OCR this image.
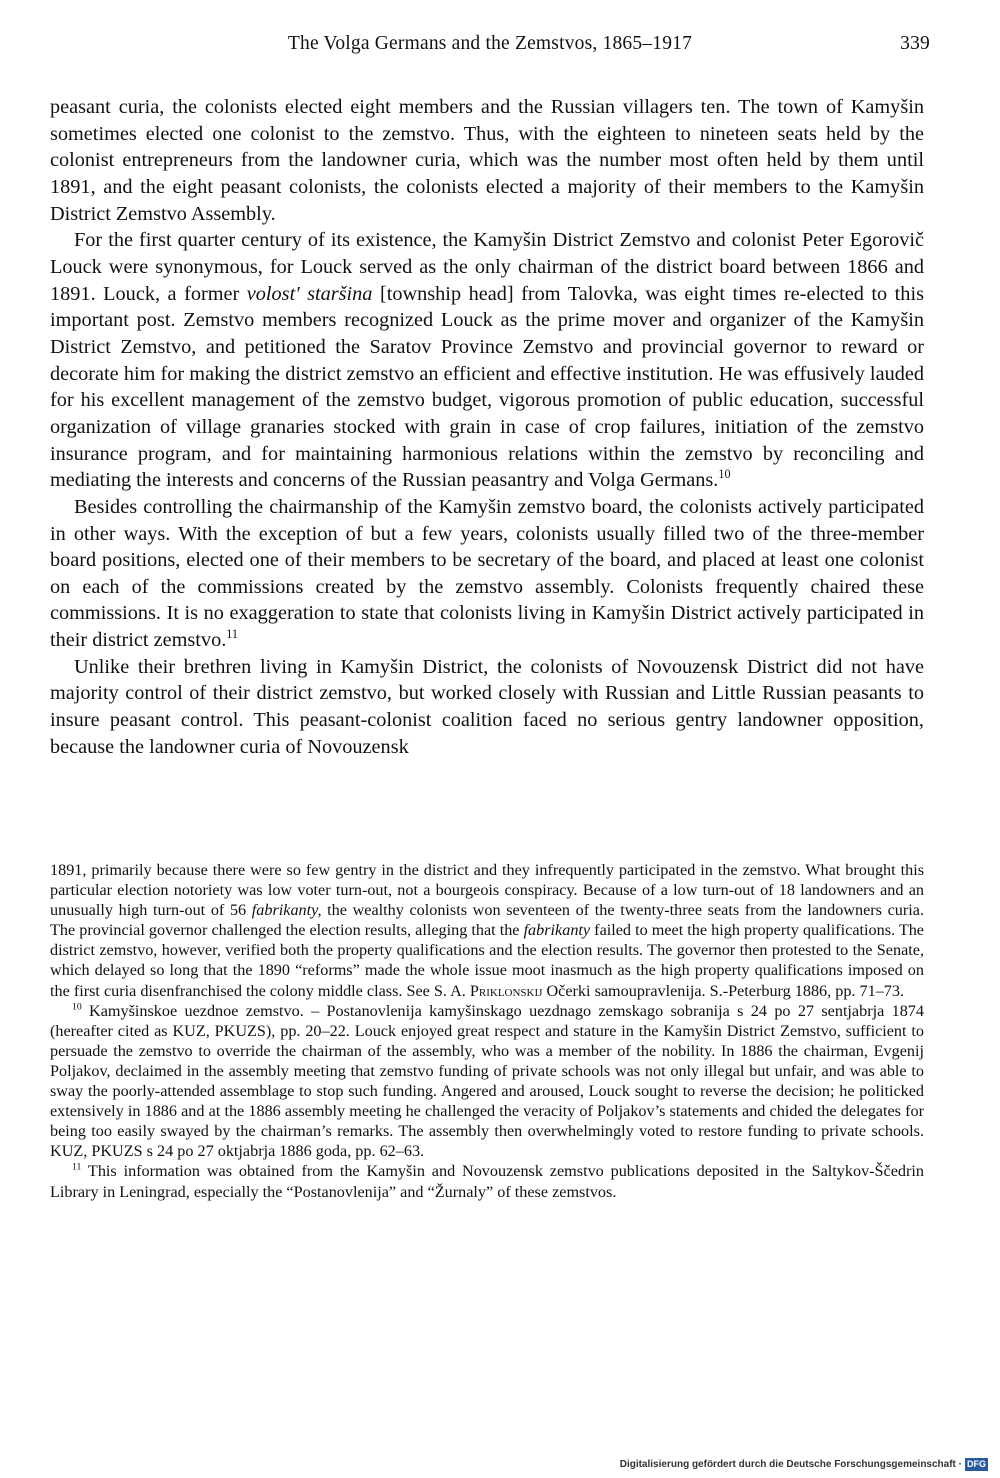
The Volga Germans and the Zemstvos, 1865–1917	339

peasant curia, the colonists elected eight members and the Russian villagers ten. The town of Kamyšin sometimes elected one colonist to the zemstvo. Thus, with the eighteen to nineteen seats held by the colonist entrepreneurs from the landowner curia, which was the number most often held by them until 1891, and the eight peasant colonists, the colonists elected a majority of their members to the Kamyšin District Zemstvo Assembly.

For the first quarter century of its existence, the Kamyšin District Zemstvo and colonist Peter Egorovič Louck were synonymous, for Louck served as the only chairman of the district board between 1866 and 1891. Louck, a former volost' staršina [township head] from Talovka, was eight times re-elected to this important post. Zemstvo members recognized Louck as the prime mover and organizer of the Kamyšin District Zemstvo, and petitioned the Saratov Province Zemstvo and provincial governor to reward or decorate him for making the district zemstvo an efficient and effective institution. He was effusively lauded for his excellent management of the zemstvo budget, vigorous promotion of public education, successful organization of village granaries stocked with grain in case of crop failures, initiation of the zemstvo insurance program, and for maintaining harmonious relations within the zemstvo by reconciling and mediating the interests and concerns of the Russian peasantry and Volga Germans.$^{10}$

Besides controlling the chairmanship of the Kamyšin zemstvo board, the colonists actively participated in other ways. With the exception of but a few years, colonists usually filled two of the three-member board positions, elected one of their members to be secretary of the board, and placed at least one colonist on each of the commissions created by the zemstvo assembly. Colonists frequently chaired these commissions. It is no exaggeration to state that colonists living in Kamyšin District actively participated in their district zemstvo.$^{11}$

Unlike their brethren living in Kamyšin District, the colonists of Novouzensk District did not have majority control of their district zemstvo, but worked closely with Russian and Little Russian peasants to insure peasant control. This peasant-colonist coalition faced no serious gentry landowner opposition, because the landowner curia of Novouzensk

1891, primarily because there were so few gentry in the district and they infrequently participated in the zemstvo. What brought this particular election notoriety was low voter turn-out, not a bourgeois conspiracy. Because of a low turn-out of 18 landowners and an unusually high turn-out of 56 fabrikanty, the wealthy colonists won seventeen of the twenty-three seats from the landowners curia. The provincial governor challenged the election results, alleging that the fabrikanty failed to meet the high property qualifications. The district zemstvo, however, verified both the property qualifications and the election results. The governor then protested to the Senate, which delayed so long that the 1890 “reforms” made the whole issue moot inasmuch as the high property qualifications imposed on the first curia disenfranchised the colony middle class. See S. A. Priklonskij Očerki samoupravlenija. S.-Peterburg 1886, pp. 71–73.

$^{10}$ Kamyšinskoe uezdnoe zemstvo. – Postanovlenija kamyšinskago uezdnago zemskago sobranija s 24 po 27 sentjabrja 1874 (hereafter cited as KUZ, PKUZS), pp. 20–22. Louck enjoyed great respect and stature in the Kamyšin District Zemstvo, sufficient to persuade the zemstvo to override the chairman of the assembly, who was a member of the nobility. In 1886 the chairman, Evgenij Poljakov, declaimed in the assembly meeting that zemstvo funding of private schools was not only illegal but unfair, and was able to sway the poorly-attended assemblage to stop such funding. Angered and aroused, Louck sought to reverse the decision; he politicked extensively in 1886 and at the 1886 assembly meeting he challenged the veracity of Poljakov’s statements and chided the delegates for being too easily swayed by the chairman’s remarks. The assembly then overwhelmingly voted to restore funding to private schools. KUZ, PKUZS s 24 po 27 oktjabrja 1886 goda, pp. 62–63.

$^{11}$ This information was obtained from the Kamyšin and Novouzensk zemstvo publications deposited in the Saltykov-Ščedrin Library in Leningrad, especially the “Postanovlenija” and “Žurnaly” of these zemstvos.

Digitalisierung gefördert durch die Deutsche Forschungsgemeinschaft · DFG
